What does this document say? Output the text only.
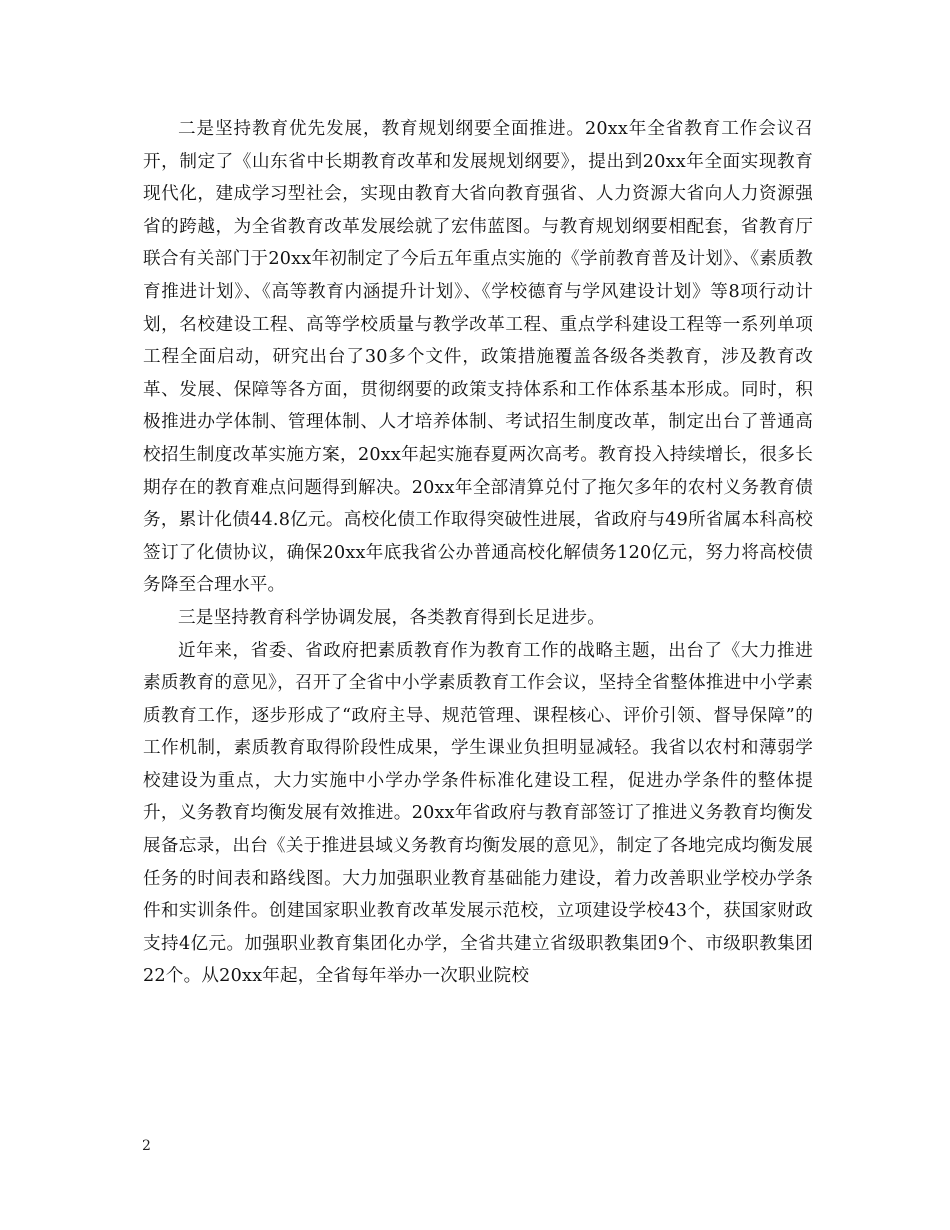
二是坚持教育优先发展，教育规划纲要全面推进。20xx年全省教育工作会议召开，制定了《山东省中长期教育改革和发展规划纲要》，提出到20xx年全面实现教育现代化，建成学习型社会，实现由教育大省向教育强省、人力资源大省向人力资源强省的跨越，为全省教育改革发展绘就了宏伟蓝图。与教育规划纲要相配套，省教育厅联合有关部门于20xx年初制定了今后五年重点实施的《学前教育普及计划》、《素质教育推进计划》、《高等教育内涵提升计划》、《学校德育与学风建设计划》等8项行动计划，名校建设工程、高等学校质量与教学改革工程、重点学科建设工程等一系列单项工程全面启动，研究出台了30多个文件，政策措施覆盖各级各类教育，涉及教育改革、发展、保障等各方面，贯彻纲要的政策支持体系和工作体系基本形成。同时，积极推进办学体制、管理体制、人才培养体制、考试招生制度改革，制定出台了普通高校招生制度改革实施方案，20xx年起实施春夏两次高考。教育投入持续增长，很多长期存在的教育难点问题得到解决。20xx年全部清算兑付了拖欠多年的农村义务教育债务，累计化债44.8亿元。高校化债工作取得突破性进展，省政府与49所省属本科高校签订了化债协议，确保20xx年底我省公办普通高校化解债务120亿元，努力将高校债务降至合理水平。

三是坚持教育科学协调发展，各类教育得到长足进步。

近年来，省委、省政府把素质教育作为教育工作的战略主题，出台了《大力推进素质教育的意见》，召开了全省中小学素质教育工作会议，坚持全省整体推进中小学素质教育工作，逐步形成了“政府主导、规范管理、课程核心、评价引领、督导保障”的工作机制，素质教育取得阶段性成果，学生课业负担明显减轻。我省以农村和薄弱学校建设为重点，大力实施中小学办学条件标准化建设工程，促进办学条件的整体提升，义务教育均衡发展有效推进。20xx年省政府与教育部签订了推进义务教育均衡发展备忘录，出台《关于推进县域义务教育均衡发展的意见》，制定了各地完成均衡发展任务的时间表和路线图。大力加强职业教育基础能力建设，着力改善职业学校办学条件和实训条件。创建国家职业教育改革发展示范校，立项建设学校43个，获国家财政支持4亿元。加强职业教育集团化办学，全省共建立省级职教集团9个、市级职教集团22个。从20xx年起，全省每年举办一次职业院校

2
